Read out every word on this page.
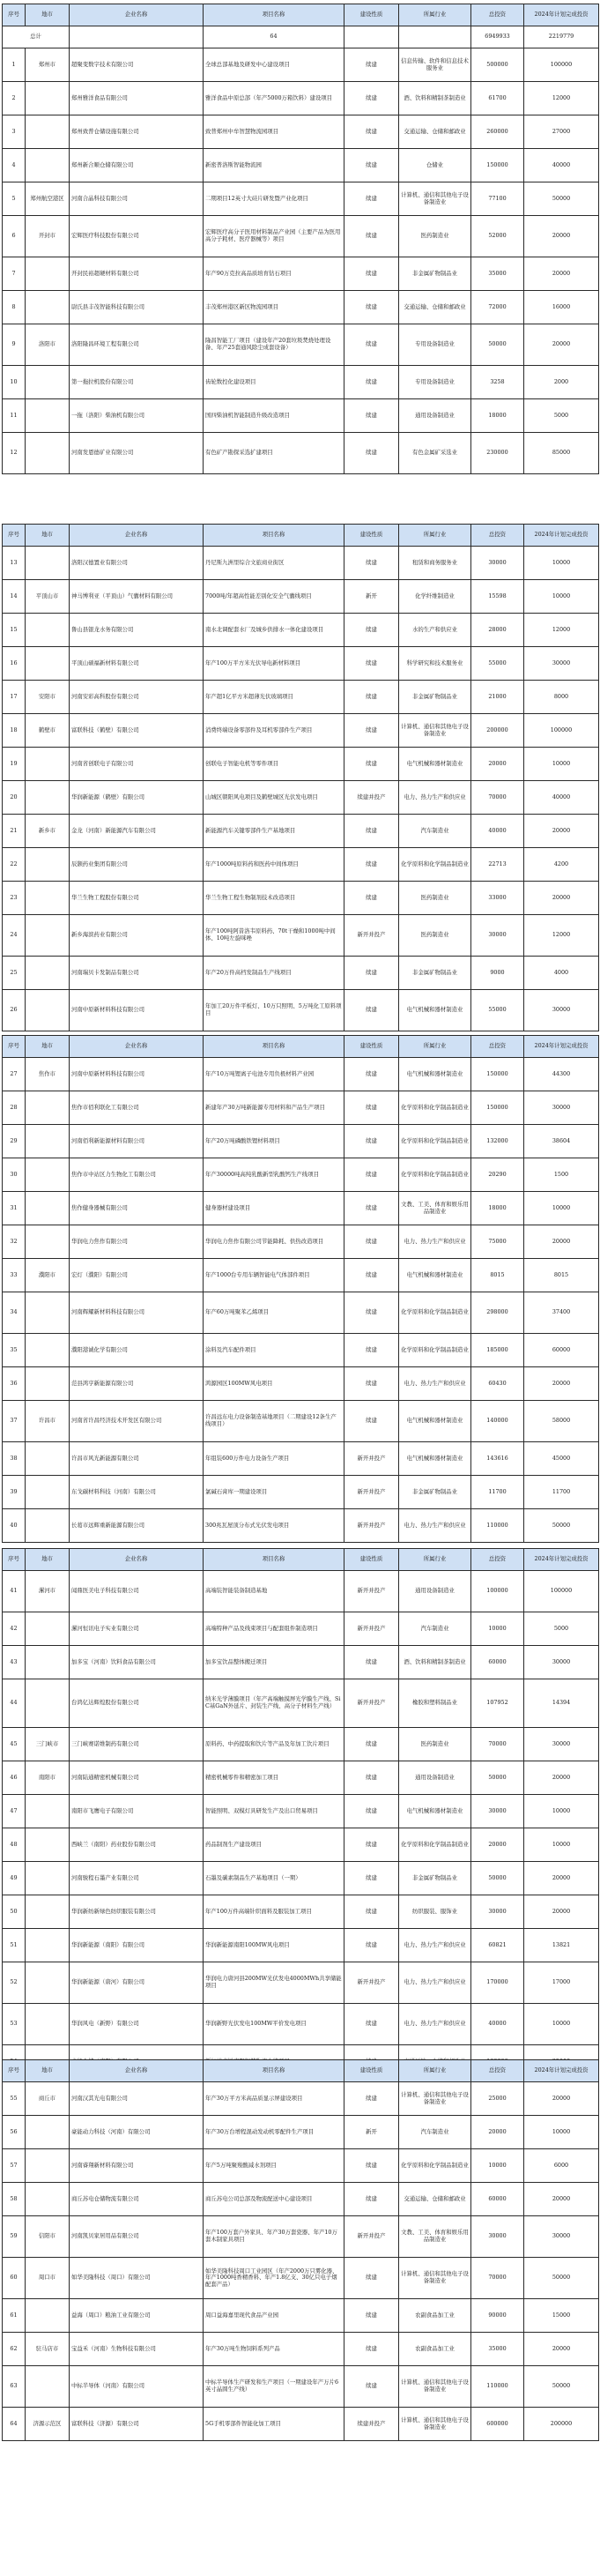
序号	地市	企业名称	项目名称	建设性质	所属行业	总投资	2024年计划完成投资
总计			64			6949933	2219779
1	郑州市	超聚变数字技术有限公司	全球总部基地及研发中心建设项目	续建	信息传输、软件和信息技术服务业	500000	100000
2		郑州雅洋食品有限公司	雅洋食品中原总部（年产5000万箱饮料）建设项目	续建	酒、饮料和精制茶制造业	61700	12000
3		郑州致普仓储设施有限公司	致普郑州中牟智慧物流园项目	续建	交通运输、仓储和邮政业	260000	27000
4		郑州新合顺仓储有限公司	新密普洛斯智能物流园	续建	仓储业	150000	40000
5	郑州航空港区	河南合晶科技有限公司	二期项目12英寸大硅片研发暨产业化项目	续建	计算机、通信和其他电子设备制造业	77100	50000
6	开封市	宏辉医疗科技股份有限公司	宏辉医疗高分子医用材料制品产业园（主要产品为医用高分子耗材、医疗器械等）项目	续建	医药制造业	52000	20000
7		开封民裕超硬材料有限公司	年产90万克拉高品质培育钻石项目	续建	非金属矿物制品业	35000	20000
8		尉氏县丰茂智能科技有限公司	丰茂郑州港区新区物流园项目	续建	交通运输、仓储和邮政业	72000	16000
9	洛阳市	洛阳隆昌环境工程有限公司	隆昌智能工厂项目（建设年产20套垃圾焚烧处理设备、年产25套通风除尘成套设备）	续建	专用设备制造业	50000	20000
10		第一拖拉机股份有限公司	齿轮数控化建设项目	续建	专用设备制造业	3258	2000
11		一拖（洛阳）柴油机有限公司	国四柴油机智能制造升级改造项目	续建	通用设备制造业	18000	5000
12		河南发恩德矿业有限公司	有色矿产勘探采选扩建项目	续建	有色金属矿采选业	230000	85000
序号	地市	企业名称	项目名称	建设性质	所属行业	总投资	2024年计划完成投资
13		洛阳汉德置业有限公司	丹尼斯九洲里综合文旅商业街区	续建	租赁和商务服务业	30000	10000
14	平顶山市	神马博利亚（平顶山）气囊材料有限公司	7000吨/年超高性能差别化安全气囊线项目	新开	化学纤维制造业	15598	10000
15		鲁山县银龙水务有限公司	南水北调配套水厂及城乡供排水一体化建设项目	续建	水的生产和供应业	28000	12000
16		平顶山硕福新材料有限公司	年产100万平方米光伏导电新材料项目	续建	科学研究和技术服务业	55000	30000
17	安阳市	河南安彩高科股份有限公司	年产超1亿平方米超薄光伏玻璃项目	续建	非金属矿物制品业	21000	8000
18	鹤壁市	富联科技（鹤壁）有限公司	消费终端设备零部件及耳机零部件生产项目	续建	计算机、通信和其他电子设备制造业	200000	100000
19		河南省创联电子有限公司	创联电子智能电机等零件项目	续建	电气机械和器材制造业	20000	10000
20		华润新能源（鹤壁）有限公司	山城区朝阳风电项目及鹤壁城区光伏发电项目	续建并投产	电力、热力生产和供应业	70000	40000
21	新乡市	金龙（河南）新能源汽车有限公司	新能源汽车关键零部件生产基地项目	续建	汽车制造业	40000	20000
22		辰颢药业集团有限公司	年产1000吨原料药和医药中间体项目	续建	化学原料和化学制品制造业	22713	4200
23		华兰生物工程股份有限公司	华兰生物工程生物制剂技术改造项目	续建	医药制造业	33000	20000
24		新乡海滨药业有限公司	年产100吨阿昔洛韦原料药、70t干燥和1000吨中间体、10吨左旋咪唑	新开并投产	医药制造业	30000	12000
25		河南瑞贝卡发制品有限公司	年产20万件高档发制品生产线项目	续建	非金属矿物制品业	9000	4000
26		河南中原新材料科技有限公司	年加工20万件平板灯、10万只照明、5万吨化工原料项目	续建	电气机械和器材制造业	55000	30000
序号	地市	企业名称	项目名称	建设性质	所属行业	总投资	2024年计划完成投资
27	焦作市	河南中原新材料科技有限公司	年产10万吨锂离子电池专用负极材料产业园	续建	电气机械和器材制造业	150000	44300
28		焦作市佰利联化工有限公司	新建年产30万吨新能源专用材料和产品生产项目	续建	化学原料和化学制品制造业	150000	30000
29		河南佰利新能源材料有限公司	年产20万吨磷酸铁锂材料项目	续建	化学原料和化学制品制造业	132000	38604
30		焦作市中站区力生物化工有限公司	年产30000吨高纯乳酸新型乳酸钙生产线项目	续建	化学原料和化学制品制造业	20290	1500
31		焦作健身器械有限公司	健身器材建设项目	续建	文教、工美、体育和娱乐用品制造业	18000	10000
32		华润电力焦作有限公司	华润电力焦作有限公司节能降耗、供热改造项目	续建	电力、热力生产和供应业	75000	20000
33	濮阳市	宏灯（濮阳）有限公司	年产1000台专用车辆智能电气体部件项目	续建	电气机械和器材制造业	8015	8015
34		河南辉耀新材料科技有限公司	年产60万吨聚苯乙烯项目	续建	化学原料和化学制品制造业	298000	37400
35		濮阳港诚化学有限公司	涂料及汽车配件项目	续建	化学原料和化学制品制造业	185000	60000
36		范县鸿亨新能源有限公司	鸿源园区100MW风电项目	续建	电力、热力生产和供应业	60430	20000
37	许昌市	河南省许昌经济技术开发区有限公司	许昌远东电力设备制造基地项目（二期建设12条生产线项目）	续建	电气机械和器材制造业	140000	58000
38		许昌市风光新能源有限公司	年组装600万件电力设备生产项目	新开并投产	电气机械和器材制造业	143616	45000
39		东戈碳材料科技（河南）有限公司	氯碱石膏库一期建设项目	新开并投产	非金属矿物制品业	11700	11700
40		长葛市远辉重新能源有限公司	300兆瓦屋顶分布式光伏发电项目	新开并投产	电力、热力生产和供应业	110000	50000
序号	地市	企业名称	项目名称	建设性质	所属行业	总投资	2024年计划完成投资
41	漯河市	闻鼎医美电子科技有限公司	高端装智能装备制造基地	新开并投产	通用设备制造业	100000	100000
42		漯河恒讯电子实业有限公司	高端特种产品及线束项目与配套组件制造项目	新开并投产	汽车制造业	10000	5000
43		加多宝（河南）饮料食品有限公司	加多宝饮品整体搬迁项目	续建	酒、饮料和精制茶制造业	60000	30000
44		台鸿亿达辉煌股份有限公司	纳米光学薄膜项目（年产高端触摸屏光学膜生产线、SiC基GaN外延片、封装生产线、高分子材料生产线）	新开并投产	橡胶和塑料制品业	107952	14394
45	三门峡市	三门峡赛诺维制药有限公司	原料药、中药提取和饮片等产品及年加工饮片项目	续建	医药制造业	70000	30000
46	南阳市	河南陆通精密机械有限公司	精密机械零件和精密加工项目	续建	通用设备制造业	50000	20000
47		南阳市飞鹰电子有限公司	智能照明、双模灯具研发生产及出口贸易项目	续建	电气机械和器材制造业	30000	10000
48		西峡兰（南阳）药业股份有限公司	药品制剂生产建设项目	续建	化学原料和化学制品制造业	20000	10000
49		河南骏程石墨产业有限公司	石墨及碳素制品生产基地项目（一期）	续建	非金属矿物制品业	50000	20000
50		华润新纺新绿色纺织服装有限公司	年产100万件高端针织面料及服装加工项目	续建	纺织服装、服饰业	30000	20000
51		华润新能源（南阳）有限公司	华润新能源南阳100MW风电项目	续建	电力、热力生产和供应业	60821	13821
52		华润新能源（唐河）有限公司	华润电力唐河县200MW光伏发电4000MWh共享储能项目	新开并投产	电力、热力生产和供应业	170000	17000
53		华润风电（新野）有限公司	华润新野光伏发电100MW平价发电项目	续建	电力、热力生产和供应业	40000	10000

序号	地市	企业名称	项目名称	建设性质	所属行业	总投资	2024年计划完成投资
55	商丘市	河南汉其光电有限公司	年产30万平方米高品质显示屏建设项目	续建	计算机、通信和其他电子设备制造业	25000	20000
56		豪能动力科技（河南）有限公司	年产30万台增程混动发动机零配件生产项目	新开	汽车制造业	20000	10000
57		河南睿翔新材料有限公司	年产5万吨聚羧酸减水剂项目	续建	化学原料和化学制品制造业	10000	6000
58		商丘苏电仓储物流有限公司	商丘苏电公司总部及物流配送中心建设项目	续建	交通运输、仓储和邮政业	60000	20000
59	信阳市	河南凯贝家居用品有限公司	年产100万套户外家具、年产30万套瓷器、年产10万套木制家具项目	新开并投产	文教、工美、体育和娱乐用品制造业	30000	30000
60	周口市	如华美隆科技（周口）有限公司	如华美隆科技周口工业园区（年产2000万只雾化器、年产1000吨香精香料、年产1.8亿支、30亿只电子烟配套产品）	续建	计算机、通信和其他电子设备制造业	70000	50000
61		益海（周口）粮油工业有限公司	周口益海嘉里现代食品产业园	续建	农副食品加工业	90000	15000
62	驻马店市	宝益禾（河南）生物科技有限公司	年产30万吨生物饲料系列产品	续建	农副食品加工业	35000	20000
63		中标半导体（河南）有限公司	中标半导体生产研发和生产项目（一期建设年产万片6英寸晶圆生产线）	续建	计算机、通信和其他电子设备制造业	110000	50000
64	济源示范区	富联科技（济源）有限公司	5G手机零部件智能化加工项目	续建并投产	计算机、通信和其他电子设备制造业	600000	200000
